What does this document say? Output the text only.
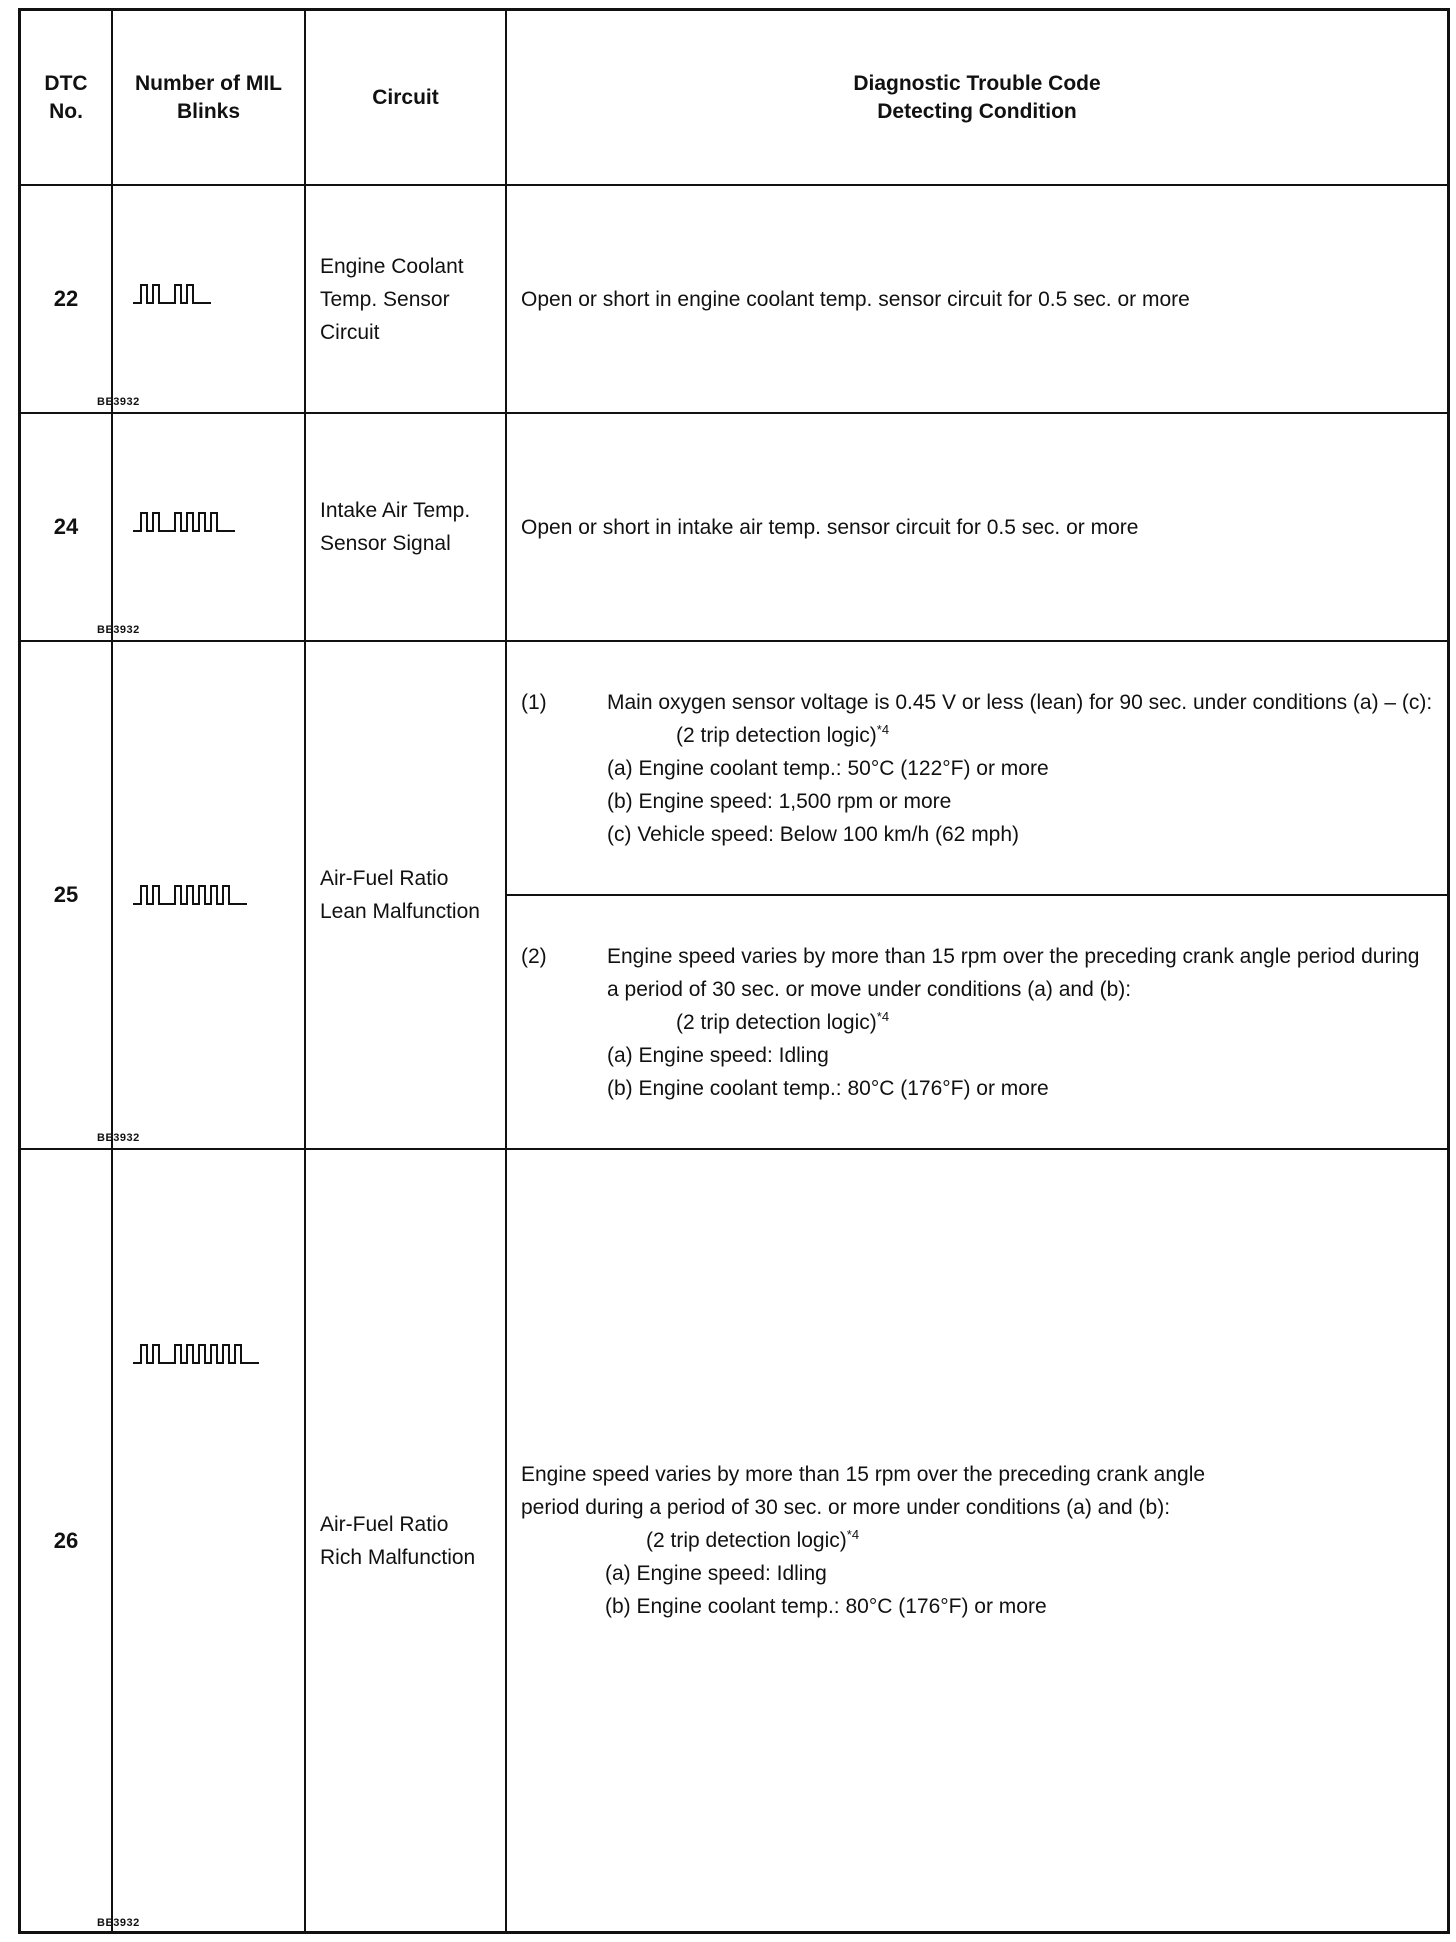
DTC No.
Number of MIL Blinks
Circuit
Diagnostic Trouble Code Detecting Condition
22
BE3932
Engine Coolant Temp. Sensor Circuit
Open or short in engine coolant temp. sensor circuit for 0.5 sec. or more
24
BE3932
Intake Air Temp. Sensor Signal
Open or short in intake air temp. sensor circuit for 0.5 sec. or more
25
BE3932
Air-Fuel Ratio Lean Malfunction
(1)	Main oxygen sensor voltage is 0.45 V or less (lean) for 90 sec. under conditions (a) – (c):
(2 trip detection logic)$^{*4}$
(a) Engine coolant temp.: 50°C (122°F) or more
(b) Engine speed: 1,500 rpm or more
(c) Vehicle speed: Below 100 km/h (62 mph)
(2)	Engine speed varies by more than 15 rpm over the preceding crank angle period during a period of 30 sec. or move under conditions (a) and (b):
(2 trip detection logic)$^{*4}$
(a) Engine speed: Idling
(b) Engine coolant temp.: 80°C (176°F) or more
26
BE3932
Air-Fuel Ratio Rich Malfunction
Engine speed varies by more than 15 rpm over the preceding crank angle period during a period of 30 sec. or more under conditions (a) and (b):
(2 trip detection logic)$^{*4}$
(a) Engine speed: Idling
(b) Engine coolant temp.: 80°C (176°F) or more
